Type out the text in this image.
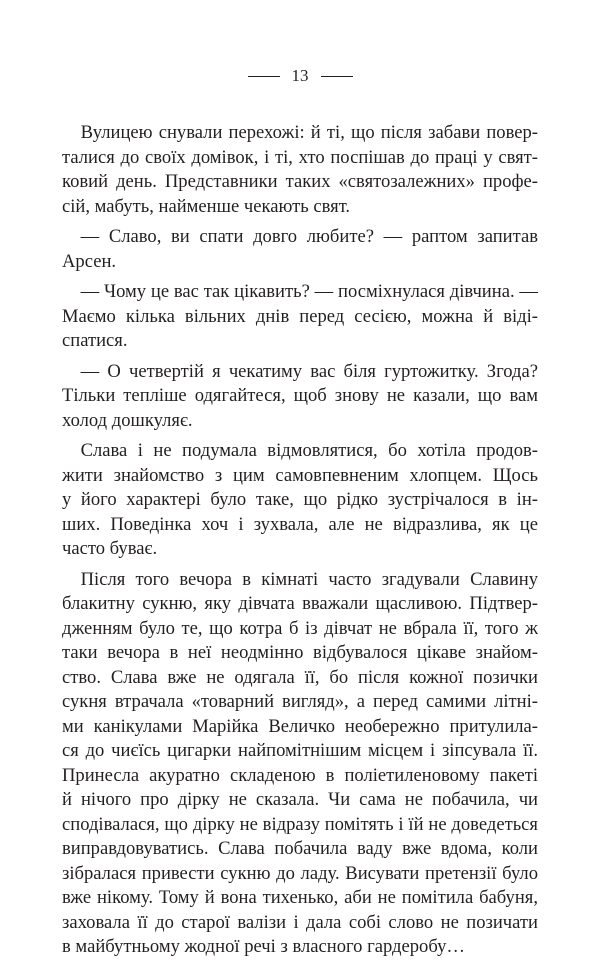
13
 Вулицею снували перехожі: й ті, що після забави повер-
талися до своїх домівок, і ті, хто поспішав до праці у свят-
ковий день. Представники таких «святозалежних» профе-
сій, мабуть, найменше чекають свят.
 — Славо, ви спати довго любите? — раптом запитав
Арсен.
 — Чому це вас так цікавить? — посміхнулася дівчина. —
Маємо кілька вільних днів перед сесією, можна й віді-
спатися.
 — О четвертій я чекатиму вас біля гуртожитку. Згода?
Тільки тепліше одягайтеся, щоб знову не казали, що вам
холод дошкуляє.
 Слава і не подумала відмовлятися, бо хотіла продов-
жити знайомство з цим самовпевненим хлопцем. Щось
у його характері було таке, що рідко зустрічалося в ін-
ших. Поведінка хоч і зухвала, але не відразлива, як це
часто буває.
 Після того вечора в кімнаті часто згадували Славину
блакитну сукню, яку дівчата вважали щасливою. Підтвер-
дженням було те, що котра б із дівчат не вбрала її, того ж
таки вечора в неї неодмінно відбувалося цікаве знайом-
ство. Слава вже не одягала її, бо після кожної позички
сукня втрачала «товарний вигляд», а перед самими літні-
ми канікулами Марійка Величко необережно притулила-
ся до чиєїсь цигарки найпомітнішим місцем і зіпсувала її.
Принесла акуратно складеною в поліетиленовому пакеті
й нічого про дірку не сказала. Чи сама не побачила, чи
сподівалася, що дірку не відразу помітять і їй не доведеться
виправдовуватись. Слава побачила ваду вже вдома, коли
зібралася привести сукню до ладу. Висувати претензії було
вже нікому. Тому й вона тихенько, аби не помітила бабуня,
заховала її до старої валізи і дала собі слово не позичати
в майбутньому жодної речі з власного гардеробу…
